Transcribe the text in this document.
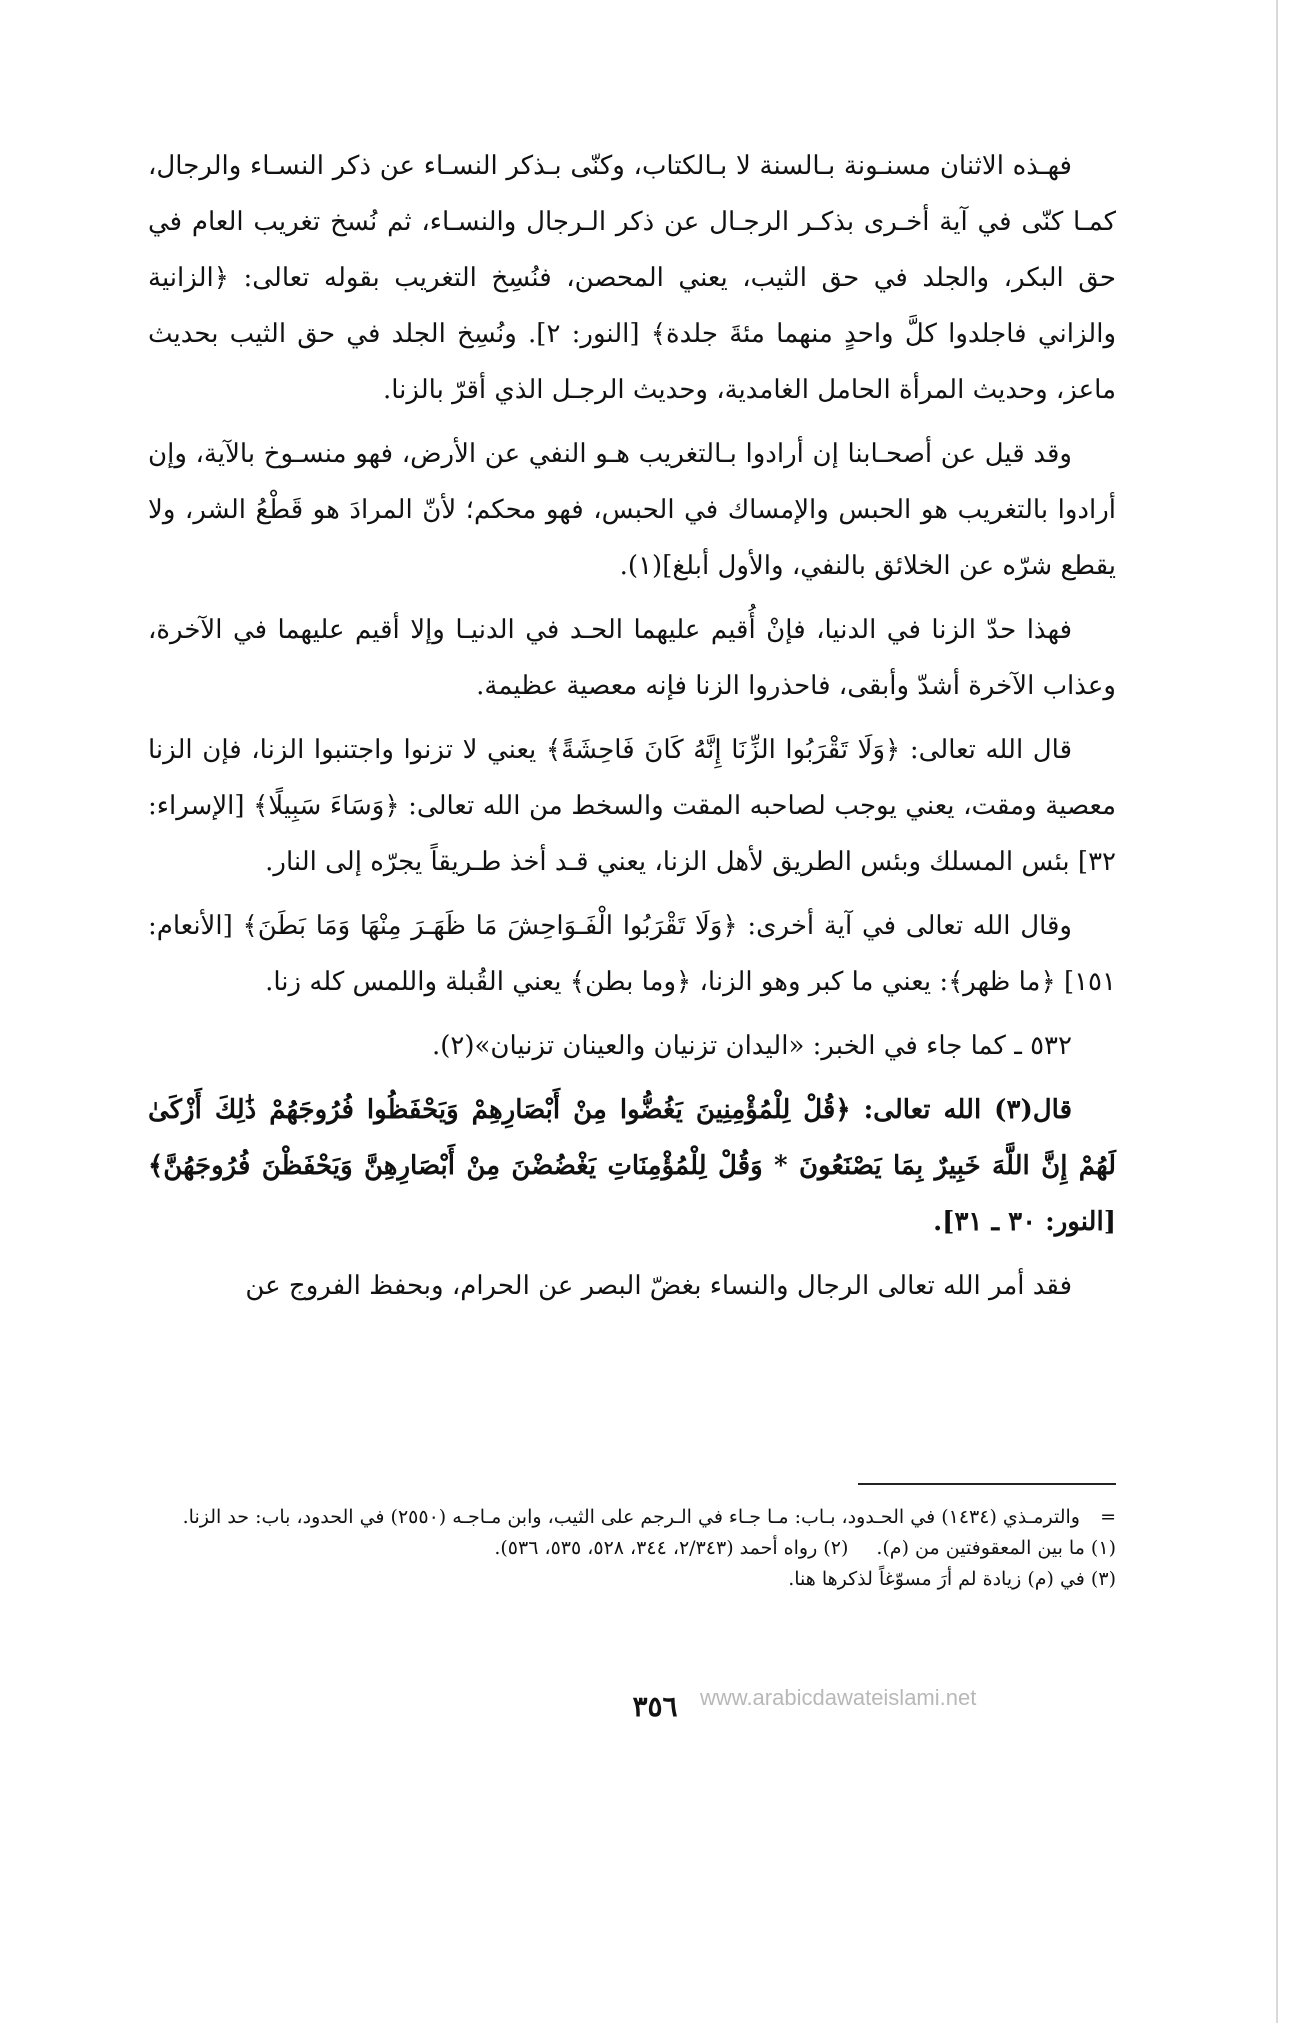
فهـذه الاثنان مسنـونة بـالسنة لا بـالكتاب، وكنّى بـذكر النسـاء عن ذكر النسـاء والرجال، كمـا كنّى في آية أخـرى بذكـر الرجـال عن ذكر الـرجال والنسـاء، ثم نُسخ تغريب العام في حق البكر، والجلد في حق الثيب، يعني المحصن، فنُسِخ التغريب بقوله تعالى: ﴿الزانية والزاني فاجلدوا كلَّ واحدٍ منهما مئةَ جلدة﴾ [النور: ٢]. ونُسِخ الجلد في حق الثيب بحديث ماعز، وحديث المرأة الحامل الغامدية، وحديث الرجـل الذي أقرّ بالزنا.

وقد قيل عن أصحـابنا إن أرادوا بـالتغريب هـو النفي عن الأرض، فهو منسـوخ بالآية، وإن أرادوا بالتغريب هو الحبس والإمساك في الحبس، فهو محكم؛ لأنّ المرادَ هو قَطْعُ الشر، ولا يقطع شرّه عن الخلائق بالنفي، والأول أبلغ](١).

فهذا حدّ الزنا في الدنيا، فإنْ أُقيم عليهما الحـد في الدنيـا وإلا أقيم عليهما في الآخرة، وعذاب الآخرة أشدّ وأبقى، فاحذروا الزنا فإنه معصية عظيمة.

قال الله تعالى: ﴿وَلَا تَقْرَبُوا الزِّنَا إِنَّهُ كَانَ فَاحِشَةً﴾ يعني لا تزنوا واجتنبوا الزنا، فإن الزنا معصية ومقت، يعني يوجب لصاحبه المقت والسخط من الله تعالى: ﴿وَسَاءَ سَبِيلًا﴾ [الإسراء: ٣٢] بئس المسلك وبئس الطريق لأهل الزنا، يعني قـد أخذ طـريقاً يجرّه إلى النار.

وقال الله تعالى في آية أخرى: ﴿وَلَا تَقْرَبُوا الْفَـوَاحِشَ مَا ظَهَـرَ مِنْهَا وَمَا بَطَنَ﴾ [الأنعام: ١٥١] ﴿ما ظهر﴾: يعني ما كبر وهو الزنا، ﴿وما بطن﴾ يعني القُبلة واللمس كله زنا.

٥٣٢ ـ كما جاء في الخبر: «اليدان تزنيان والعينان تزنيان»(٢).

قال(٣) الله تعالى: ﴿قُلْ لِلْمُؤْمِنِينَ يَغُضُّوا مِنْ أَبْصَارِهِمْ وَيَحْفَظُوا فُرُوجَهُمْ ذَٰلِكَ أَزْكَىٰ لَهُمْ إِنَّ اللَّهَ خَبِيرٌ بِمَا يَصْنَعُونَ * وَقُلْ لِلْمُؤْمِنَاتِ يَغْضُضْنَ مِنْ أَبْصَارِهِنَّ وَيَحْفَظْنَ فُرُوجَهُنَّ﴾ [النور: ٣٠ ـ ٣١].

فقد أمر الله تعالى الرجال والنساء بغضّ البصر عن الحرام، وبحفظ الفروج عن

= والترمـذي (١٤٣٤) في الحـدود، بـاب: مـا جـاء في الـرجم على الثيب، وابن مـاجـه (٢٥٥٠) في الحدود، باب: حد الزنا.
(١) ما بين المعقوفتين من (م).
(٢) رواه أحمد (٢/٣٤٣، ٣٤٤، ٥٢٨، ٥٣٥، ٥٣٦).
(٣) في (م) زيادة لم أرَ مسوّغاً لذكرها هنا.
٣٥٦	www.arabicdawateislami.net
